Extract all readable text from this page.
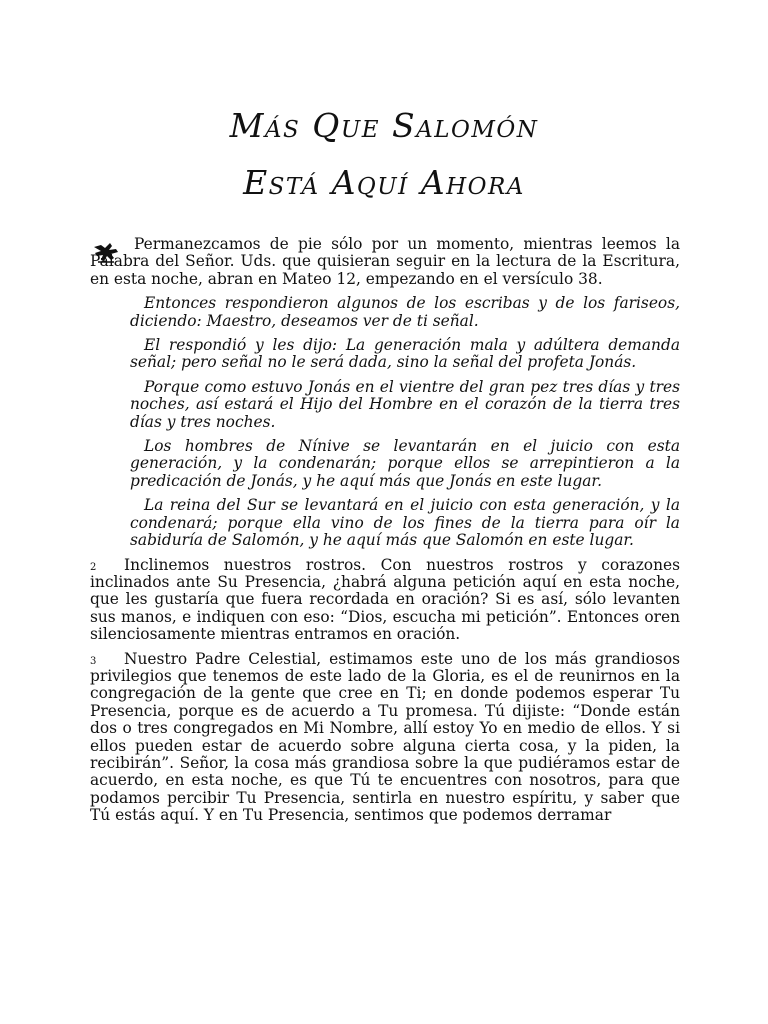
Más Que Salomón
Está Aquí Ahora

Permanezcamos de pie sólo por un momento, mientras leemos la Palabra del Señor. Uds. que quisieran seguir en la lectura de la Escritura, en esta noche, abran en Mateo 12, empezando en el versículo 38.

Entonces respondieron algunos de los escribas y de los fariseos, diciendo: Maestro, deseamos ver de ti señal.

El respondió y les dijo: La generación mala y adúltera demanda señal; pero señal no le será dada, sino la señal del profeta Jonás.

Porque como estuvo Jonás en el vientre del gran pez tres días y tres noches, así estará el Hijo del Hombre en el corazón de la tierra tres días y tres noches.

Los hombres de Nínive se levantarán en el juicio con esta generación, y la condenarán; porque ellos se arrepintieron a la predicación de Jonás, y he aquí más que Jonás en este lugar.

La reina del Sur se levantará en el juicio con esta generación, y la condenará; porque ella vino de los fines de la tierra para oír la sabiduría de Salomón, y he aquí más que Salomón en este lugar.

2 Inclinemos nuestros rostros. Con nuestros rostros y corazones inclinados ante Su Presencia, ¿habrá alguna petición aquí en esta noche, que les gustaría que fuera recordada en oración? Si es así, sólo levanten sus manos, e indiquen con eso: “Dios, escucha mi petición”. Entonces oren silenciosamente mientras entramos en oración.

3 Nuestro Padre Celestial, estimamos este uno de los más grandiosos privilegios que tenemos de este lado de la Gloria, es el de reunirnos en la congregación de la gente que cree en Ti; en donde podemos esperar Tu Presencia, porque es de acuerdo a Tu promesa. Tú dijiste: “Donde están dos o tres congregados en Mi Nombre, allí estoy Yo en medio de ellos. Y si ellos pueden estar de acuerdo sobre alguna cierta cosa, y la piden, la recibirán”. Señor, la cosa más grandiosa sobre la que pudiéramos estar de acuerdo, en esta noche, es que Tú te encuentres con nosotros, para que podamos percibir Tu Presencia, sentirla en nuestro espíritu, y saber que Tú estás aquí. Y en Tu Presencia, sentimos que podemos derramar
